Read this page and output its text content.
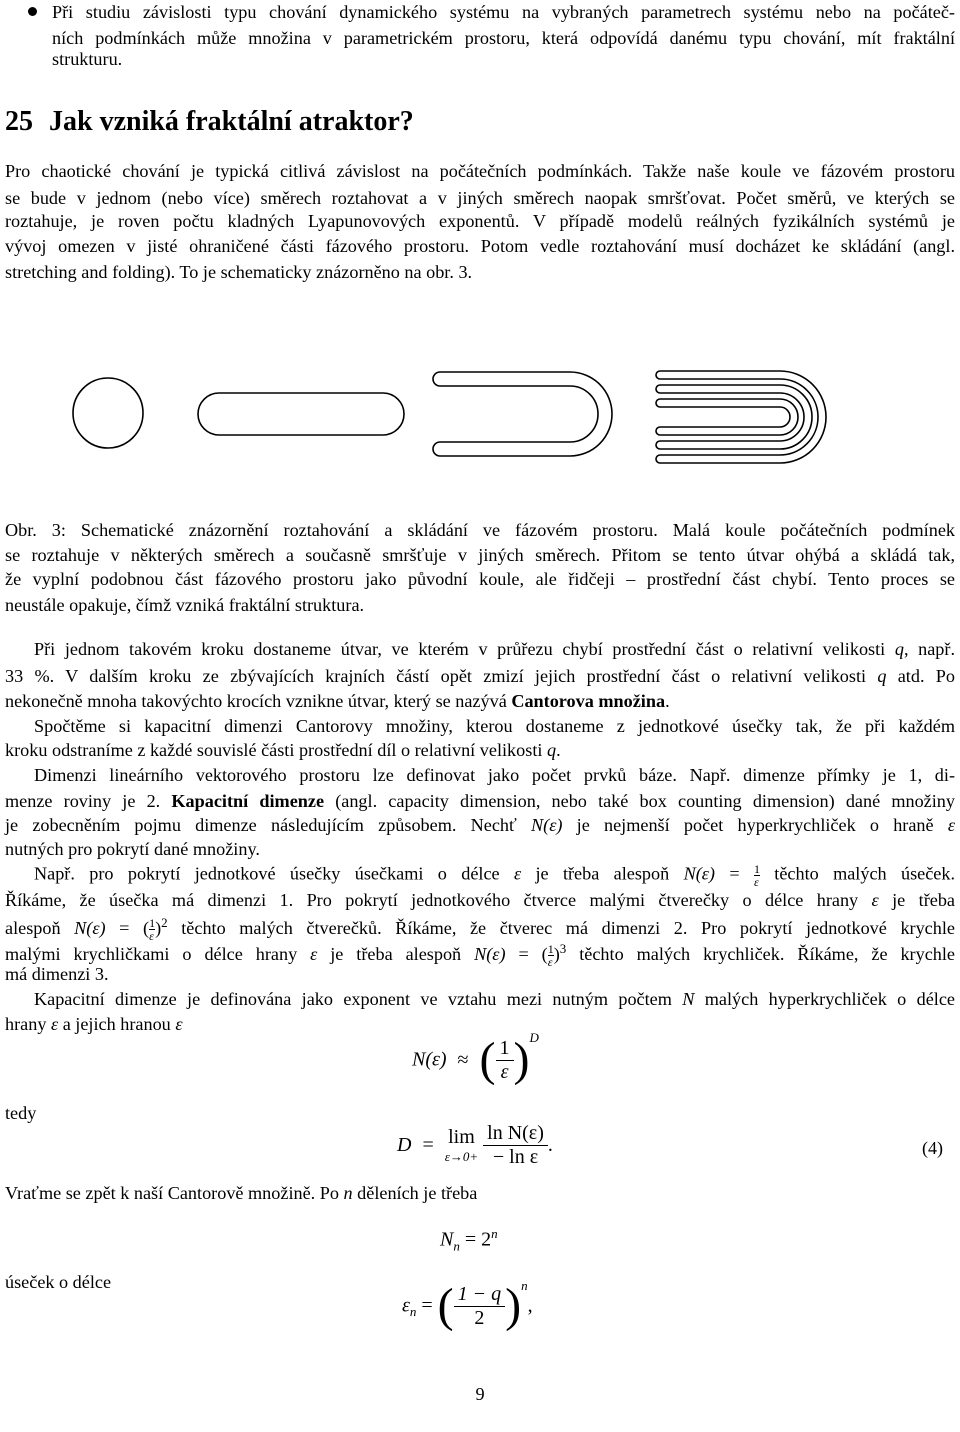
Při studiu závislosti typu chování dynamického systému na vybraných parametrech systému nebo na počáteč-
ních podmínkách může množina v parametrickém prostoru, která odpovídá danému typu chování, mít fraktální
strukturu.
25 Jak vzniká fraktální atraktor?
Pro chaotické chování je typická citlivá závislost na počátečních podmínkách. Takže naše koule ve fázovém prostoru
se bude v jednom (nebo více) směrech roztahovat a v jiných směrech naopak smršťovat. Počet směrů, ve kterých se
roztahuje, je roven počtu kladných Lyapunovových exponentů. V případě modelů reálných fyzikálních systémů je
vývoj omezen v jisté ohraničené části fázového prostoru. Potom vedle roztahování musí docházet ke skládání (angl.
stretching and folding). To je schematicky znázorněno na obr. 3.
Obr. 3: Schematické znázornění roztahování a skládání ve fázovém prostoru. Malá koule počátečních podmínek
se roztahuje v některých směrech a současně smršťuje v jiných směrech. Přitom se tento útvar ohýbá a skládá tak,
že vyplní podobnou část fázového prostoru jako původní koule, ale řidčeji – prostřední část chybí. Tento proces se
neustále opakuje, čímž vzniká fraktální struktura.
Při jednom takovém kroku dostaneme útvar, ve kterém v průřezu chybí prostřední část o relativní velikosti q, např.
33 %. V dalším kroku ze zbývajících krajních částí opět zmizí jejich prostřední část o relativní velikosti q atd. Po
nekonečně mnoha takovýchto krocích vznikne útvar, který se nazývá Cantorova množina.
Spočtěme si kapacitní dimenzi Cantorovy množiny, kterou dostaneme z jednotkové úsečky tak, že při každém
kroku odstraníme z každé souvislé části prostřední díl o relativní velikosti q.
Dimenzi lineárního vektorového prostoru lze definovat jako počet prvků báze. Např. dimenze přímky je 1, di-
menze roviny je 2. Kapacitní dimenze (angl. capacity dimension, nebo také box counting dimension) dané množiny
je zobecněním pojmu dimenze následujícím způsobem. Nechť N(ε) je nejmenší počet hyperkrychliček o hraně ε
nutných pro pokrytí dané množiny.
Např. pro pokrytí jednotkové úsečky úsečkami o délce ε je třeba alespoň $N(\varepsilon) = \frac{1}{\varepsilon}$ těchto malých úseček.
Říkáme, že úsečka má dimenzi 1. Pro pokrytí jednotkového čtverce malými čtverečky o délce hrany ε je třeba
alespoň N(ε) = ( $\frac{1}{\varepsilon} )^2$ těchto malých čtverečků. Říkáme, že čtverec má dimenzi 2. Pro pokrytí jednotkové krychle
malými krychličkami o délce hrany ε je třeba alespoň N(ε) = ( $\frac{1}{\varepsilon} )^3$ těchto malých krychliček. Říkáme, že krychle
má dimenzi 3.
Kapacitní dimenze je definována jako exponent ve vztahu mezi nutným počtem N malých hyperkrychliček o délce
hrany ε a jejich hranou ε
N(ε) ≈ ( $\frac{1}{\varepsilon} )^D$
tedy
D = lim
ε→0+
$\frac{\text{ln N(ε)}}{\text{− ln ε}}$ .	(4)
Vraťme se zpět k naší Cantorově množině. Po n děleních je třeba
$N_n = 2^n$
úseček o délce
$\varepsilon_n$ = ( $\frac{1 - q}{2} )^n$,
9
